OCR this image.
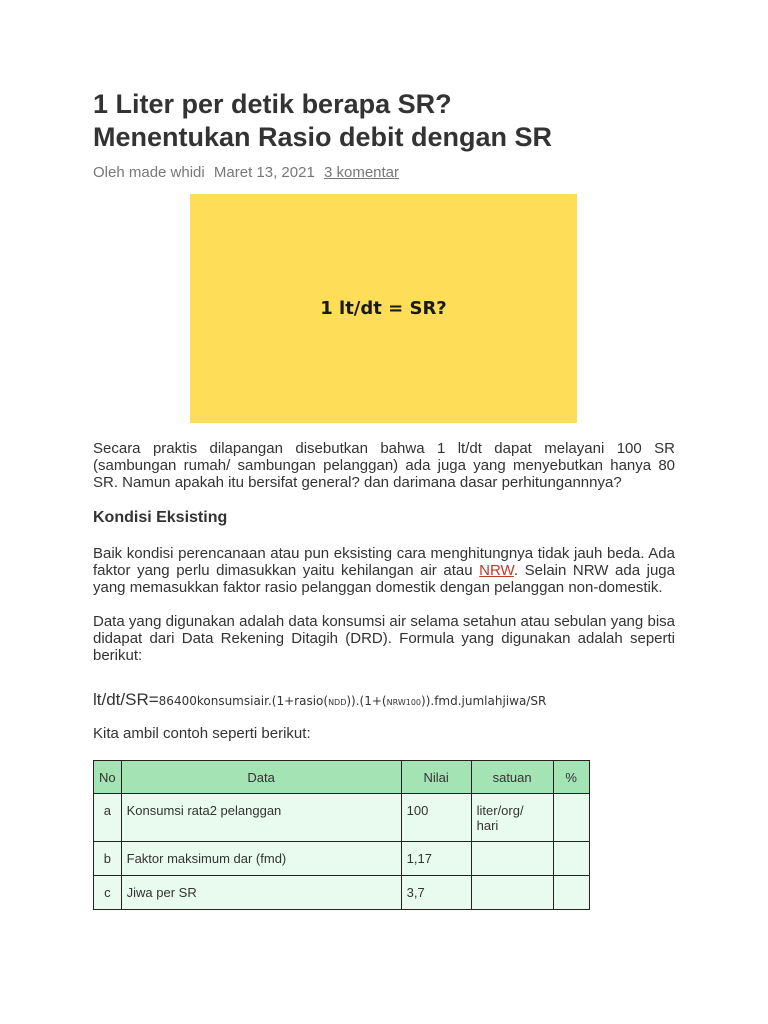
1 Liter per detik berapa SR?
Menentukan Rasio debit dengan SR
Oleh made whidi Maret 13, 2021 3 komentar
1 lt/dt = SR?

Secara praktis dilapangan disebutkan bahwa 1 lt/dt dapat melayani 100 SR (sambungan rumah/ sambungan pelanggan) ada juga yang menyebutkan hanya 80 SR. Namun apakah itu bersifat general? dan darimana dasar perhitungannnya?

Kondisi Eksisting

Baik kondisi perencanaan atau pun eksisting cara menghitungnya tidak jauh beda. Ada faktor yang perlu dimasukkan yaitu kehilangan air atau NRW. Selain NRW ada juga yang memasukkan faktor rasio pelanggan domestik dengan pelanggan non-domestik.

Data yang digunakan adalah data konsumsi air selama setahun atau sebulan yang bisa didapat dari Data Rekening Ditagih (DRD). Formula yang digunakan adalah seperti berikut:

lt/dt/SR=86400konsumsiair.(1+rasio(NDD)).(1+(NRW100)).fmd.jumlahjiwa/SR

Kita ambil contoh seperti berikut:

No	Data	Nilai	satuan	%
a	Konsumsi rata2 pelanggan	100	liter/org/ hari	
b	Faktor maksimum dar (fmd)	1,17		
c	Jiwa per SR	3,7		
